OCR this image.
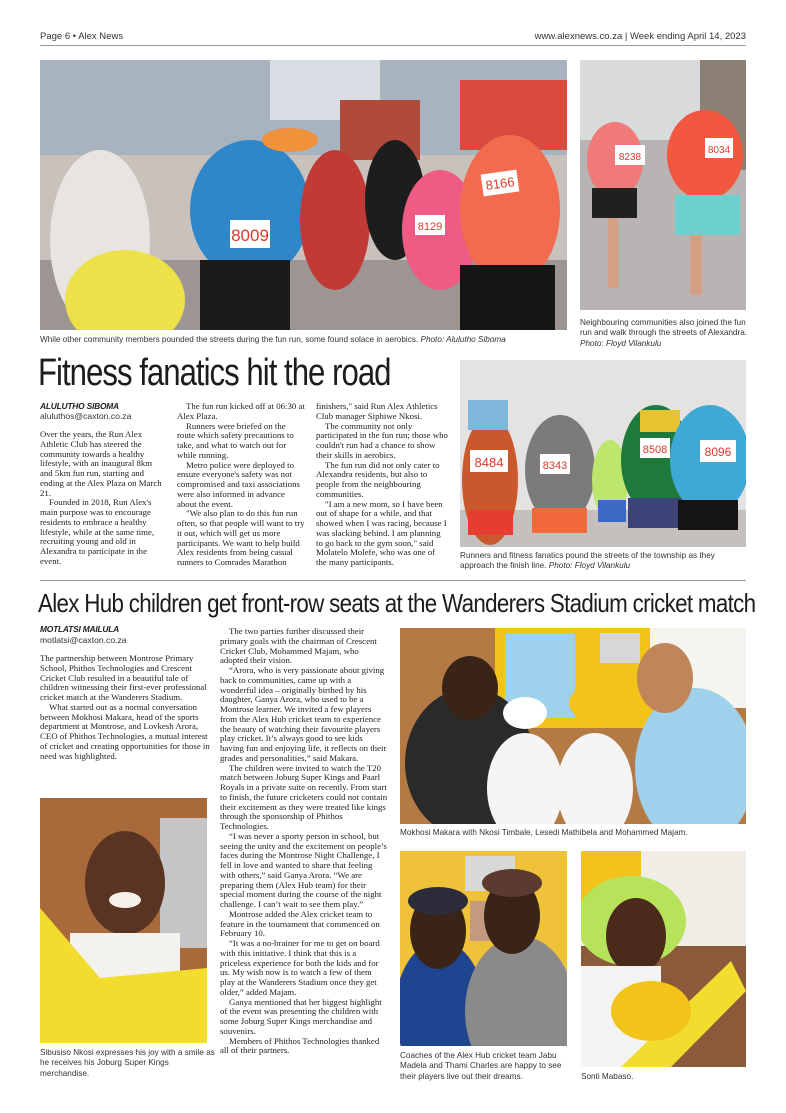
Page 6 • Alex News	www.alexnews.co.za | Week ending April 14, 2023
8009
8166
8129
While other community members pounded the streets during the fun run, some found solace in aerobics. Photo: Alulutho Siboma
8238
8034
Neighbouring communities also joined the fun run and walk through the streets of Alexandra. Photo: Floyd Vilankulu
Fitness fanatics hit the road
ALULUTHO SIBOMA
aluluthos@caxton.co.za

Over the years, the Run Alex Athletic Club has steered the community towards a healthy lifestyle, with an inaugural 8km and 5km fun run, starting and ending at the Alex Plaza on March 21.

Founded in 2018, Run Alex's main purpose was to encourage residents to embrace a healthy lifestyle, while at the same time, recruiting young and old in Alexandra to participate in the event.

The fun run kicked off at 06:30 at Alex Plaza.

Runners were briefed on the route which safety precautions to take, and what to watch out for while running.

Metro police were deployed to ensure everyone's safety was not compromised and taxi associations were also informed in advance about the event.

"We also plan to do this fun run often, so that people will want to try it out, which will get us more participants. We want to help build Alex residents from being casual runners to Comrades Marathon

finishers," said Run Alex Athletics Club manager Siphiwe Nkosi.

The community not only participated in the fun run; those who couldn't run had a chance to show their skills in aerobics.

The fun run did not only cater to Alexandra residents, but also to people from the neighbouring communities.

"I am a new mom, so I have been out of shape for a while, and that showed when I was racing, because I was slacking behind. I am planning to go back to the gym soon," said Molatelo Molefe, who was one of the many participants.

8484	8343
8508	8096
Runners and fitness fanatics pound the streets of the township as they approach the finish line. Photo: Floyd Vilankulu
Alex Hub children get front-row seats at the Wanderers Stadium cricket match
MOTLATSI MAILULA
motlatsi@caxton.co.za

The partnership between Montrose Primary School, Phithos Technologies and Crescent Cricket Club resulted in a beautiful tale of children witnessing their first-ever professional cricket match at the Wanderers Stadium.

What started out as a normal conversation between Mokhosi Makara, head of the sports department at Montrose, and Lovkesh Arora, CEO of Phithos Technologies, a mutual interest of cricket and creating opportunities for those in need was highlighted.

The two parties further discussed their primary goals with the chairman of Crescent Cricket Club, Mohammed Majam, who adopted their vision.

“Arora, who is very passionate about giving back to communities, came up with a wonderful idea – originally birthed by his daughter, Ganya Arora, who used to be a Montrose learner. We invited a few players from the Alex Hub cricket team to experience the beauty of watching their favourite players play cricket. It’s always good to see kids having fun and enjoying life, it reflects on their grades and personalities,” said Makara.

The children were invited to watch the T20 match between Joburg Super Kings and Paarl Royals in a private suite on recently. From start to finish, the future cricketers could not contain their excitement as they were treated like kings through the sponsorship of Phithos Technologies.

“I was never a sporty person in school, but seeing the unity and the excitement on people’s faces during the Montrose Night Challenge, I fell in love and wanted to share that feeling with others,” said Ganya Arora. “We are preparing them (Alex Hub team) for their special moment during the course of the night challenge. I can’t wait to see them play.”

Montrose added the Alex cricket team to feature in the tournament that commenced on February 10.

“It was a no-brainer for me to get on board with this initiative. I think that this is a priceless experience for both the kids and for us. My wish now is to watch a few of them play at the Wanderers Stadium once they get older,” added Majam.

Ganya mentioned that her biggest highlight of the event was presenting the children with some Joburg Super Kings merchandise and souvenirs.

Members of Phithos Technologies thanked all of their partners.

Sibusiso Nkosi expresses his joy with a smile as he receives his Joburg Super Kings merchandise.
Mokhosi Makara with Nkosi Timbale, Lesedi Mathibela and Mohammed Majam.
Coaches of the Alex Hub cricket team Jabu Madela and Thami Charles are happy to see their players live out their dreams.	Sonti Mabaso.
